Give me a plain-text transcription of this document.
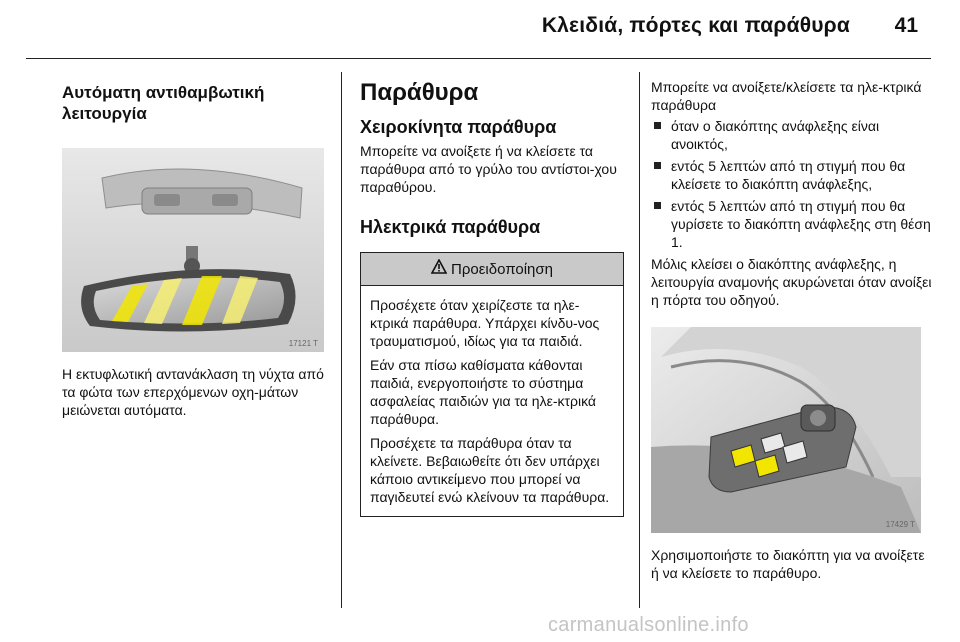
Κλειδιά, πόρτες και παράθυρα 41
Αυτόματη αντιθαμβωτική λειτουργία
17121 T

Η εκτυφλωτική αντανάκλαση τη νύχτα από τα φώτα των επερχόμενων οχη-μάτων μειώνεται αυτόματα.

Παράθυρα
Χειροκίνητα παράθυρα

Μπορείτε να ανοίξετε ή να κλείσετε τα παράθυρα από το γρύλο του αντίστοι-χου παραθύρου.

Ηλεκτρικά παράθυρα
Προειδοποίηση

Προσέχετε όταν χειρίζεστε τα ηλε-κτρικά παράθυρα. Υπάρχει κίνδυ-νος τραυματισμού, ιδίως για τα παιδιά.

Εάν στα πίσω καθίσματα κάθονται παιδιά, ενεργοποιήστε το σύστημα ασφαλείας παιδιών για τα ηλε-κτρικά παράθυρα.

Προσέχετε τα παράθυρα όταν τα κλείνετε. Βεβαιωθείτε ότι δεν υπάρχει κάποιο αντικείμενο που μπορεί να παγιδευτεί ενώ κλείνουν τα παράθυρα.

Μπορείτε να ανοίξετε/κλείσετε τα ηλε-κτρικά παράθυρα

όταν ο διακόπτης ανάφλεξης είναι ανοικτός,
εντός 5 λεπτών από τη στιγμή που θα κλείσετε το διακόπτη ανάφλεξης,
εντός 5 λεπτών από τη στιγμή που θα γυρίσετε το διακόπτη ανάφλεξης στη θέση 1.

Μόλις κλείσει ο διακόπτης ανάφλεξης, η λειτουργία αναμονής ακυρώνεται όταν ανοίξει η πόρτα του οδηγού.

17429 T

Χρησιμοποιήστε το διακόπτη για να ανοίξετε ή να κλείσετε το παράθυρο.

carmanualsonline.info
